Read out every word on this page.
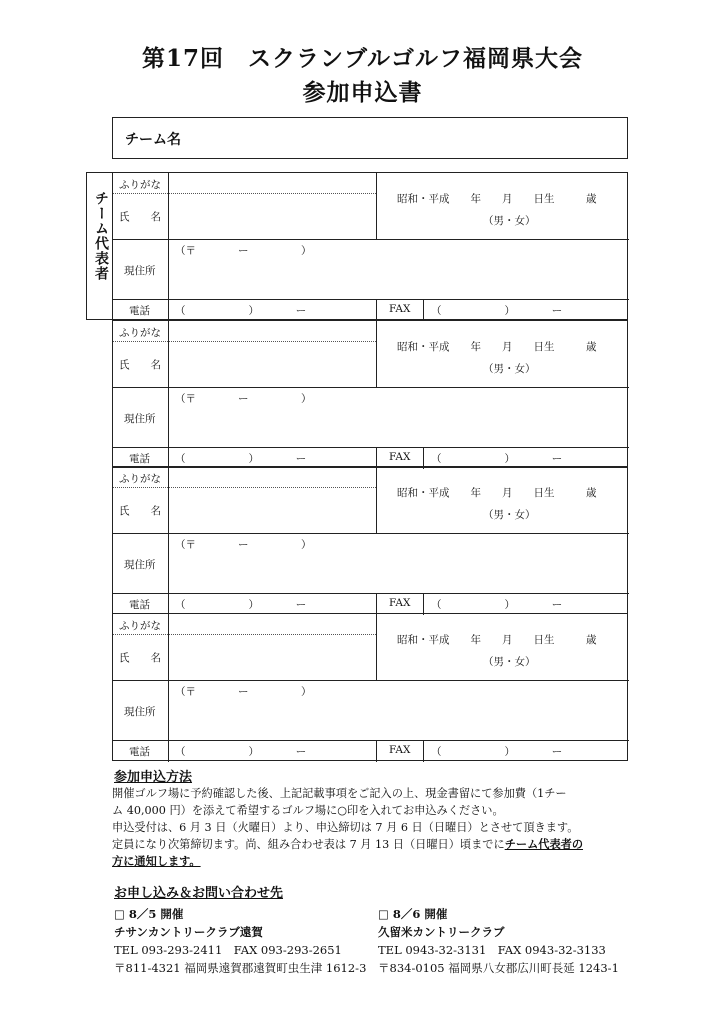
第17回　スクランブルゴルフ福岡県大会
参加申込書
チーム名
チーム代表者
ふりがな
氏　　名
昭和・平成　　年　　月　　日生　　　歳
（男・女）
現住所
（〒　　　　ー　　　　　）
電話 （　　　　　　）　　　　ー	FAX （　　　　　　）　　　　ー
ふりがな
氏　　名
昭和・平成　　年　　月　　日生　　　歳
（男・女）
現住所
（〒　　　　ー　　　　　）
電話 （　　　　　　）　　　　ー	FAX （　　　　　　）　　　　ー
ふりがな
氏　　名
昭和・平成　　年　　月　　日生　　　歳
（男・女）
現住所
（〒　　　　ー　　　　　）
電話 （　　　　　　）　　　　ー	FAX （　　　　　　）　　　　ー
ふりがな
氏　　名
昭和・平成　　年　　月　　日生　　　歳
（男・女）
現住所
（〒　　　　ー　　　　　）
電話 （　　　　　　）　　　　ー	FAX （　　　　　　）　　　　ー
参加申込方法
開催ゴルフ場に予約確認した後、上記記載事項をご記入の上、現金書留にて参加費（1チー
ム 40,000 円）を添えて希望するゴルフ場に○印を入れてお申込みください。
申込受付は、6 月 3 日（火曜日）より、申込締切は 7 月 6 日（日曜日）とさせて頂きます。
定員になり次第締切ます。尚、組み合わせ表は 7 月 13 日（日曜日）頃までにチーム代表者の
方に通知します。
お申し込み＆お問い合わせ先
□ 8／5 開催
チサンカントリークラブ遠賀
TEL 093-293-2411　FAX 093-293-2651
〒811-4321 福岡県遠賀郡遠賀町虫生津 1612-3
□ 8／6 開催
久留米カントリークラブ
TEL 0943-32-3131　FAX 0943-32-3133
〒834-0105 福岡県八女郡広川町長延 1243-1
